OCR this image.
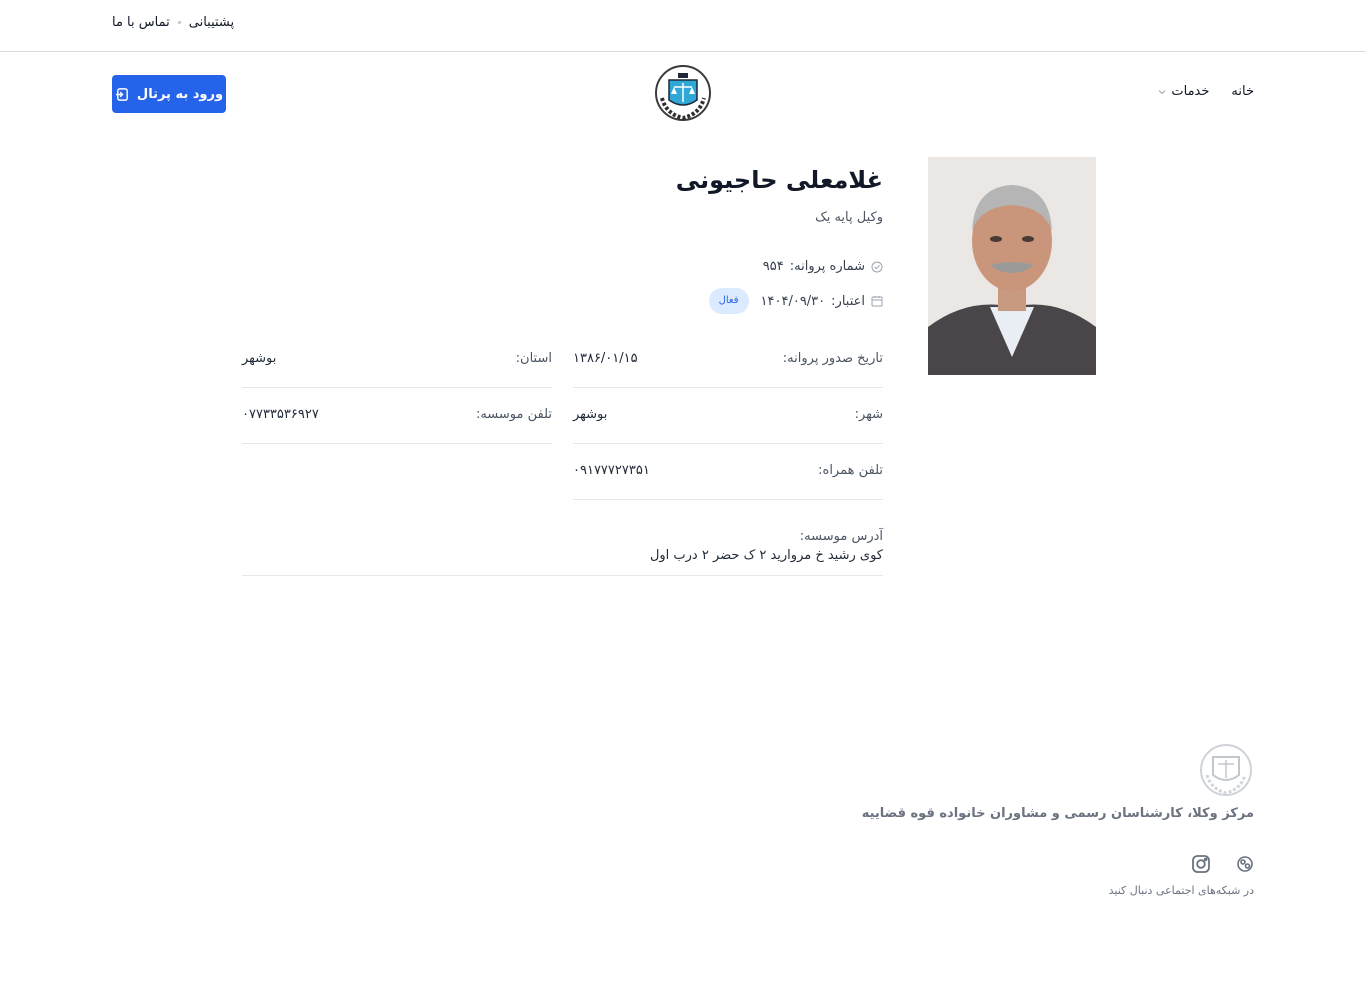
پشتیبانی
تماس با ما
ورود به پرتال	خانه
خدمات
غلامعلی حاجیونی
وکیل پایه یک
شماره پروانه:
۹۵۴
اعتبار:
۱۴۰۴/۰۹/۳۰
فعال
تاریخ صدور پروانه:
۱۳۸۶/۰۱/۱۵
استان:
بوشهر
شهر:
بوشهر
تلفن موسسه:
۰۷۷۳۳۵۳۶۹۲۷
تلفن همراه:
۰۹۱۷۷۷۲۷۳۵۱
آدرس موسسه:
کوی رشید خ مروارید ۲ ک حضر ۲ درب اول
مرکز وکلا، کارشناسان رسمی و مشاوران خانواده قوه قضاییه
در شبکه‌های اجتماعی دنبال کنید
